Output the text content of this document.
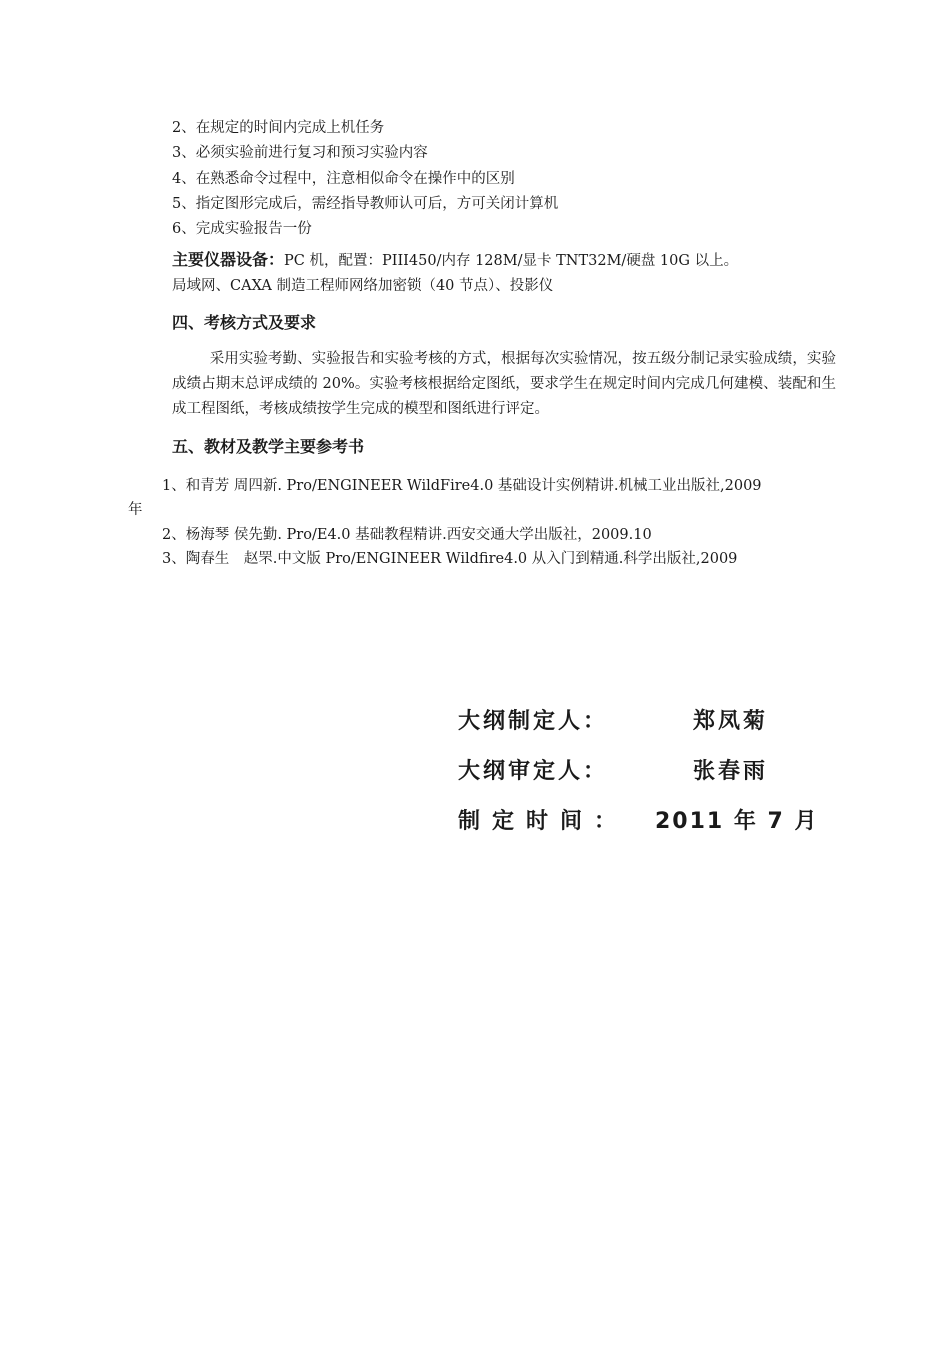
2、在规定的时间内完成上机任务
3、必须实验前进行复习和预习实验内容
4、在熟悉命令过程中，注意相似命令在操作中的区别
5、指定图形完成后，需经指导教师认可后，方可关闭计算机
6、完成实验报告一份
主要仪器设备：PC 机，配置：PIII450/内存 128M/显卡 TNT32M/硬盘 10G 以上。
局域网、CAXA 制造工程师网络加密锁（40 节点）、投影仪
四、考核方式及要求
采用实验考勤、实验报告和实验考核的方式，根据每次实验情况，按五级分制记录实验成绩，实验成绩占期末总评成绩的 20%。实验考核根据给定图纸，要求学生在规定时间内完成几何建模、装配和生成工程图纸，考核成绩按学生完成的模型和图纸进行评定。
五、教材及教学主要参考书
1、和青芳 周四新. Pro/ENGINEER WildFire4.0 基础设计实例精讲.机械工业出版社,2009
年
2、杨海琴 侯先勤. Pro/E4.0 基础教程精讲.西安交通大学出版社，2009.10
3、陶春生　赵罘.中文版 Pro/ENGINEER Wildfire4.0 从入门到精通.科学出版社,2009
大纲制定人：	郑凤菊
大纲审定人：	张春雨
制定时间： 2011 年 7 月
